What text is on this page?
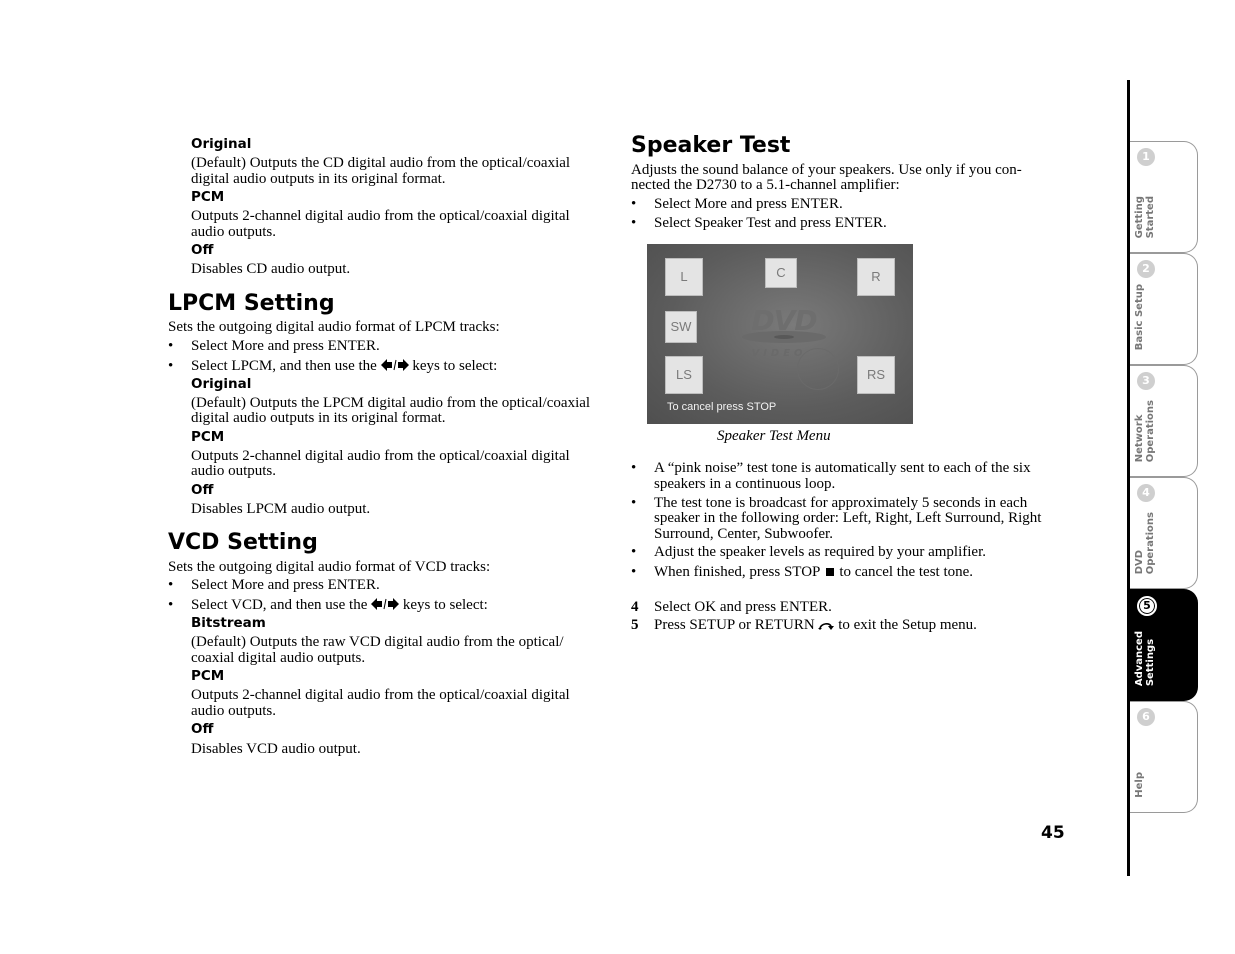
Original
(Default) Outputs the CD digital audio from the optical/coaxial
digital audio outputs in its original format.
PCM
Outputs 2-channel digital audio from the optical/coaxial digital
audio outputs.
Off
Disables CD audio output.
LPCM Setting
Sets the outgoing digital audio format of LPCM tracks:
• Select More and press ENTER.
• Select LPCM, and then use the keys to select:
Original
(Default) Outputs the LPCM digital audio from the optical/coaxial
digital audio outputs in its original format.
PCM
Outputs 2-channel digital audio from the optical/coaxial digital
audio outputs.
Off
Disables LPCM audio output.
VCD Setting
Sets the outgoing digital audio format of VCD tracks:
• Select More and press ENTER.
• Select VCD, and then use the keys to select:
Bitstream
(Default) Outputs the raw VCD digital audio from the optical/
coaxial digital audio outputs.
PCM
Outputs 2-channel digital audio from the optical/coaxial digital
audio outputs.
Off
Disables VCD audio output.
Speaker Test
Adjusts the sound balance of your speakers. Use only if you con-
nected the D2730 to a 5.1-channel amplifier:
• Select More and press ENTER.
• Select Speaker Test and press ENTER.
DVD
VIDEO
L	C	R
SW
LS	RS
To cancel press STOP
Speaker Test Menu
• A “pink noise” test tone is automatically sent to each of the six
speakers in a continuous loop.
• The test tone is broadcast for approximately 5 seconds in each
speaker in the following order: Left, Right, Left Surround, Right
Surround, Center, Subwoofer.
• Adjust the speaker levels as required by your amplifier.
• When finished, press STOP to cancel the test tone.
4 Select OK and press ENTER.
5 Press SETUP or RETURN to exit the Setup menu.
45
1
Getting
Started
2
Basic Setup
3
Network
Operations
4
DVD
Operations
5
Advanced
Settings
6
Help
